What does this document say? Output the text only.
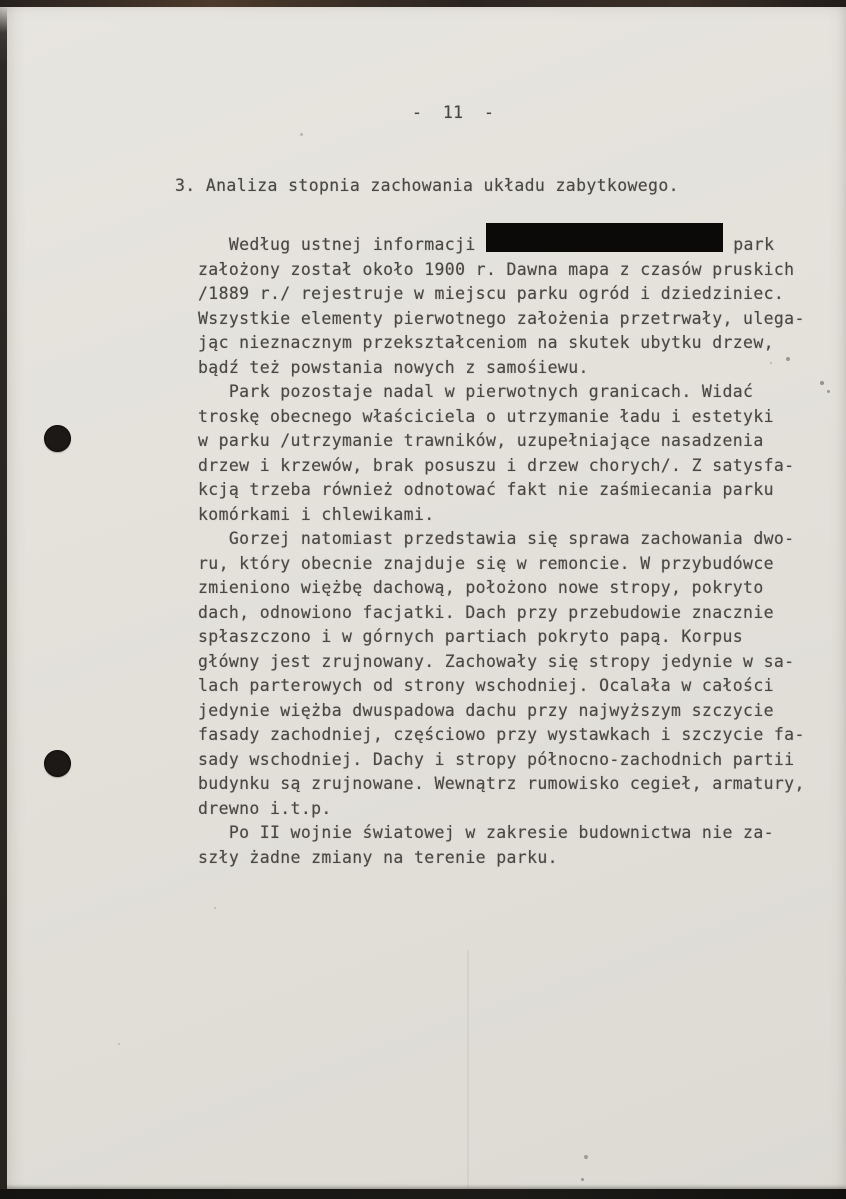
-  11  -
3. Analiza stopnia zachowania układu zabytkowego.
Według ustnej informacji	park
założony został około 1900 r. Dawna mapa z czasów pruskich
/1889 r./ rejestruje w miejscu parku ogród i dziedziniec.
Wszystkie elementy pierwotnego założenia przetrwały, ulega-
jąc nieznacznym przekształceniom na skutek ubytku drzew,
bądź też powstania nowych z samośiewu.
Park pozostaje nadal w pierwotnych granicach. Widać
troskę obecnego właściciela o utrzymanie ładu i estetyki
w parku /utrzymanie trawników, uzupełniające nasadzenia
drzew i krzewów, brak posuszu i drzew chorych/. Z satysfa-
kcją trzeba również odnotować fakt nie zaśmiecania parku
komórkami i chlewikami.
Gorzej natomiast przedstawia się sprawa zachowania dwo-
ru, który obecnie znajduje się w remoncie. W przybudówce
zmieniono więżbę dachową, położono nowe stropy, pokryto
dach, odnowiono facjatki. Dach przy przebudowie znacznie
spłaszczono i w górnych partiach pokryto papą. Korpus
główny jest zrujnowany. Zachowały się stropy jedynie w sa-
lach parterowych od strony wschodniej. Ocalała w całości
jedynie więżba dwuspadowa dachu przy najwyższym szczycie
fasady zachodniej, częściowo przy wystawkach i szczycie fa-
sady wschodniej. Dachy i stropy północno-zachodnich partii
budynku są zrujnowane. Wewnątrz rumowisko cegieł, armatury,
drewno i.t.p.
Po II wojnie światowej w zakresie budownictwa nie za-
szły żadne zmiany na terenie parku.
